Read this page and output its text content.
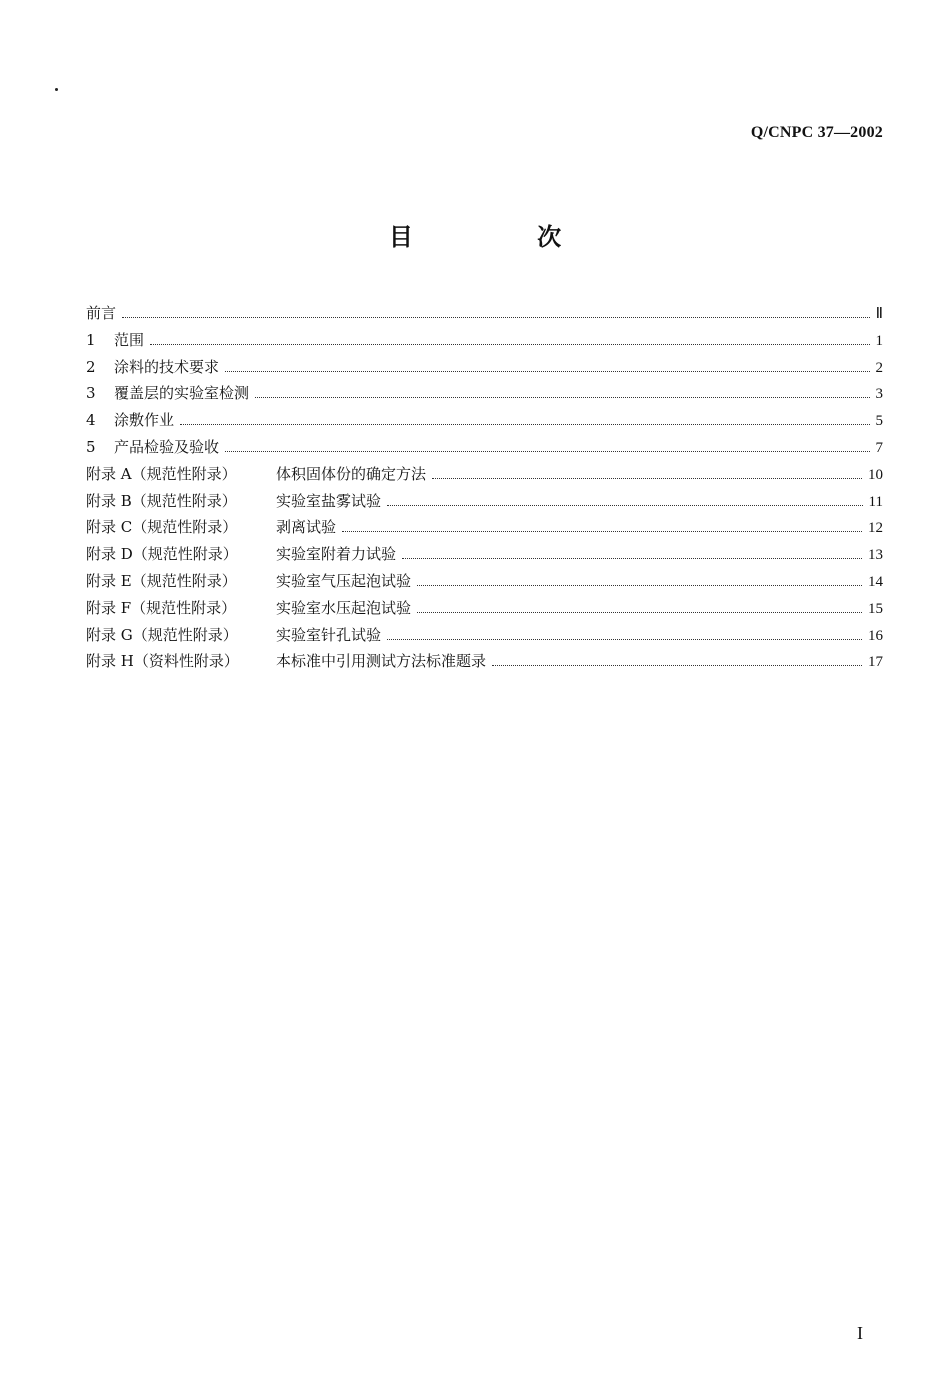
Q/CNPC 37—2002
目 次
前言	Ⅱ
1 范围	1
2 涂料的技术要求	2
3 覆盖层的实验室检测	3
4 涂敷作业	5
5 产品检验及验收	7
附录 A（规范性附录）	体积固体份的确定方法	10
附录 B（规范性附录）	实验室盐雾试验	11
附录 C（规范性附录）	剥离试验	12
附录 D（规范性附录）	实验室附着力试验	13
附录 E（规范性附录）	实验室气压起泡试验	14
附录 F（规范性附录）	实验室水压起泡试验	15
附录 G（规范性附录）	实验室针孔试验	16
附录 H（资料性附录） 本标准中引用测试方法标准题录	17
I
